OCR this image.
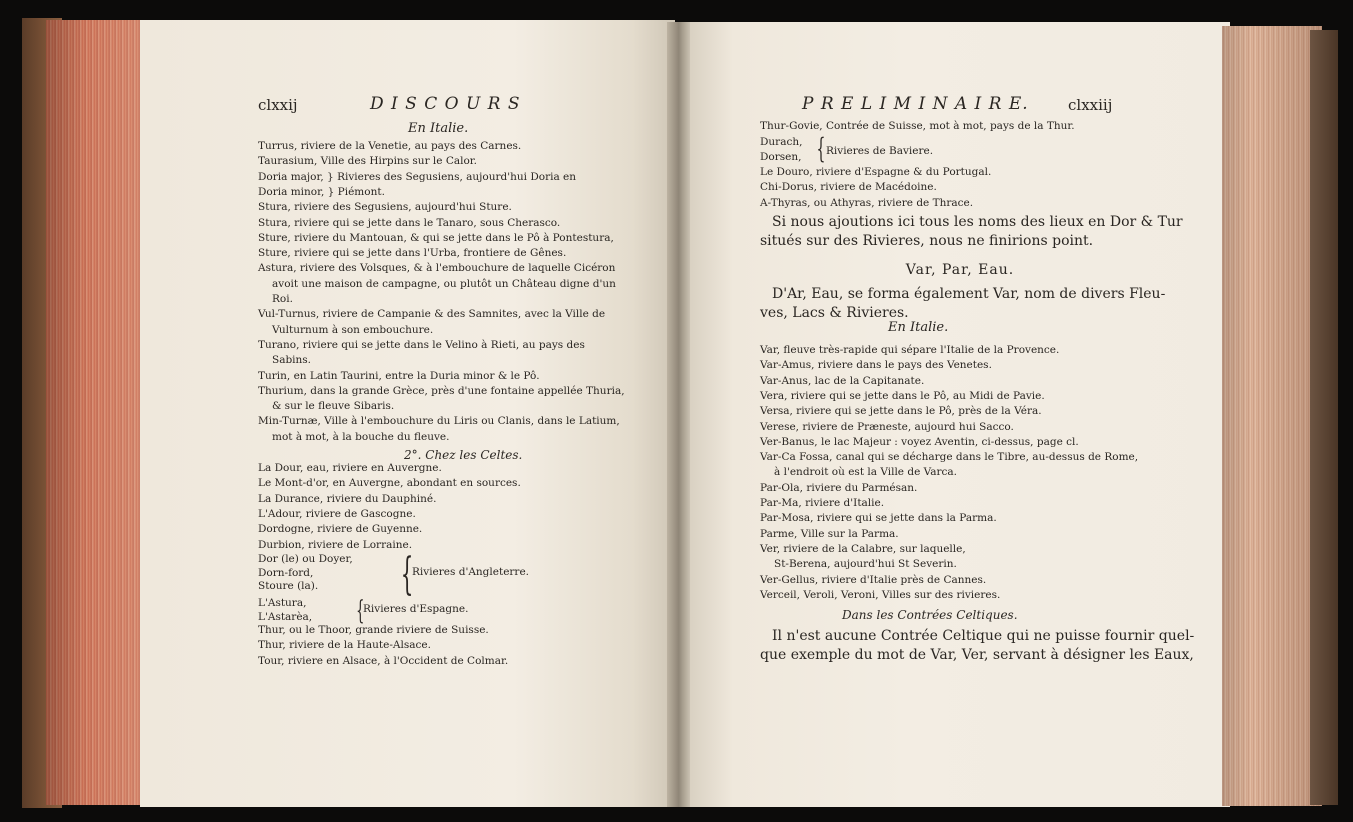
clxxij	D I S C O U R S
En Italie.
Turrus, riviere de la Venetie, au pays des Carnes.
Taurasium, Ville des Hirpins sur le Calor.
Doria major, } Rivieres des Segusiens, aujourd'hui Doria en
Doria minor, } Piémont.
Stura, riviere des Segusiens, aujourd'hui Sture.
Stura, riviere qui se jette dans le Tanaro, sous Cherasco.
Sture, riviere du Mantouan, & qui se jette dans le Pô à Pontestura,
Sture, riviere qui se jette dans l'Urba, frontiere de Gênes.
Astura, riviere des Volsques, & à l'embouchure de laquelle Cicéron
avoit une maison de campagne, ou plutôt un Château digne d'un
Roi.
Vul-Turnus, riviere de Campanie & des Samnites, avec la Ville de
Vulturnum à son embouchure.
Turano, riviere qui se jette dans le Velino à Rieti, au pays des
Sabins.
Turin, en Latin Taurini, entre la Duria minor & le Pô.
Thurium, dans la grande Grèce, près d'une fontaine appellée Thuria,
& sur le fleuve Sibaris.
Min-Turnæ, Ville à l'embouchure du Liris ou Clanis, dans le Latium,
mot à mot, à la bouche du fleuve.
2°. Chez les Celtes.
La Dour, eau, riviere en Auvergne.
Le Mont-d'or, en Auvergne, abondant en sources.
La Durance, riviere du Dauphiné.
L'Adour, riviere de Gascogne.
Dordogne, riviere de Guyenne.
Durbion, riviere de Lorraine.
Dor (le) ou Doyer,
Dorn-ford,
Stoure (la). {
Rivieres d'Angleterre.
L'Astura,
L'Astarèa, {
Rivieres d'Espagne.
Thur, ou le Thoor, grande riviere de Suisse.
Thur, riviere de la Haute-Alsace.
Tour, riviere en Alsace, à l'Occident de Colmar.
P R E L I M I N A I R E.	clxxiij
Thur-Govie, Contrée de Suisse, mot à mot, pays de la Thur.
Durach,
Dorsen, { Rivieres de Baviere.
Le Douro, riviere d'Espagne & du Portugal.
Chi-Dorus, riviere de Macédoine.
A-Thyras, ou Athyras, riviere de Thrace.
Si nous ajoutions ici tous les noms des lieux en Dor & Tur
situés sur des Rivieres, nous ne finirions point.
Var, Par, Eau.
D'Ar, Eau, se forma également Var, nom de divers Fleu-
ves, Lacs & Rivieres.
En Italie.
Var, fleuve très-rapide qui sépare l'Italie de la Provence.
Var-Amus, riviere dans le pays des Venetes.
Var-Anus, lac de la Capitanate.
Vera, riviere qui se jette dans le Pô, au Midi de Pavie.
Versa, riviere qui se jette dans le Pô, près de la Véra.
Verese, riviere de Præneste, aujourd hui Sacco.
Ver-Banus, le lac Majeur : voyez Aventin, ci-dessus, page cl.
Var-Ca Fossa, canal qui se décharge dans le Tibre, au-dessus de Rome,
à l'endroit où est la Ville de Varca.
Par-Ola, riviere du Parmésan.
Par-Ma, riviere d'Italie.
Par-Mosa, riviere qui se jette dans la Parma.
Parme, Ville sur la Parma.
Ver, riviere de la Calabre, sur laquelle,
St-Berena, aujourd'hui St Severin.
Ver-Gellus, riviere d'Italie près de Cannes.
Verceil, Veroli, Veroni, Villes sur des rivieres.
Dans les Contrées Celtiques.
Il n'est aucune Contrée Celtique qui ne puisse fournir quel-
que exemple du mot de Var, Ver, servant à désigner les Eaux,
